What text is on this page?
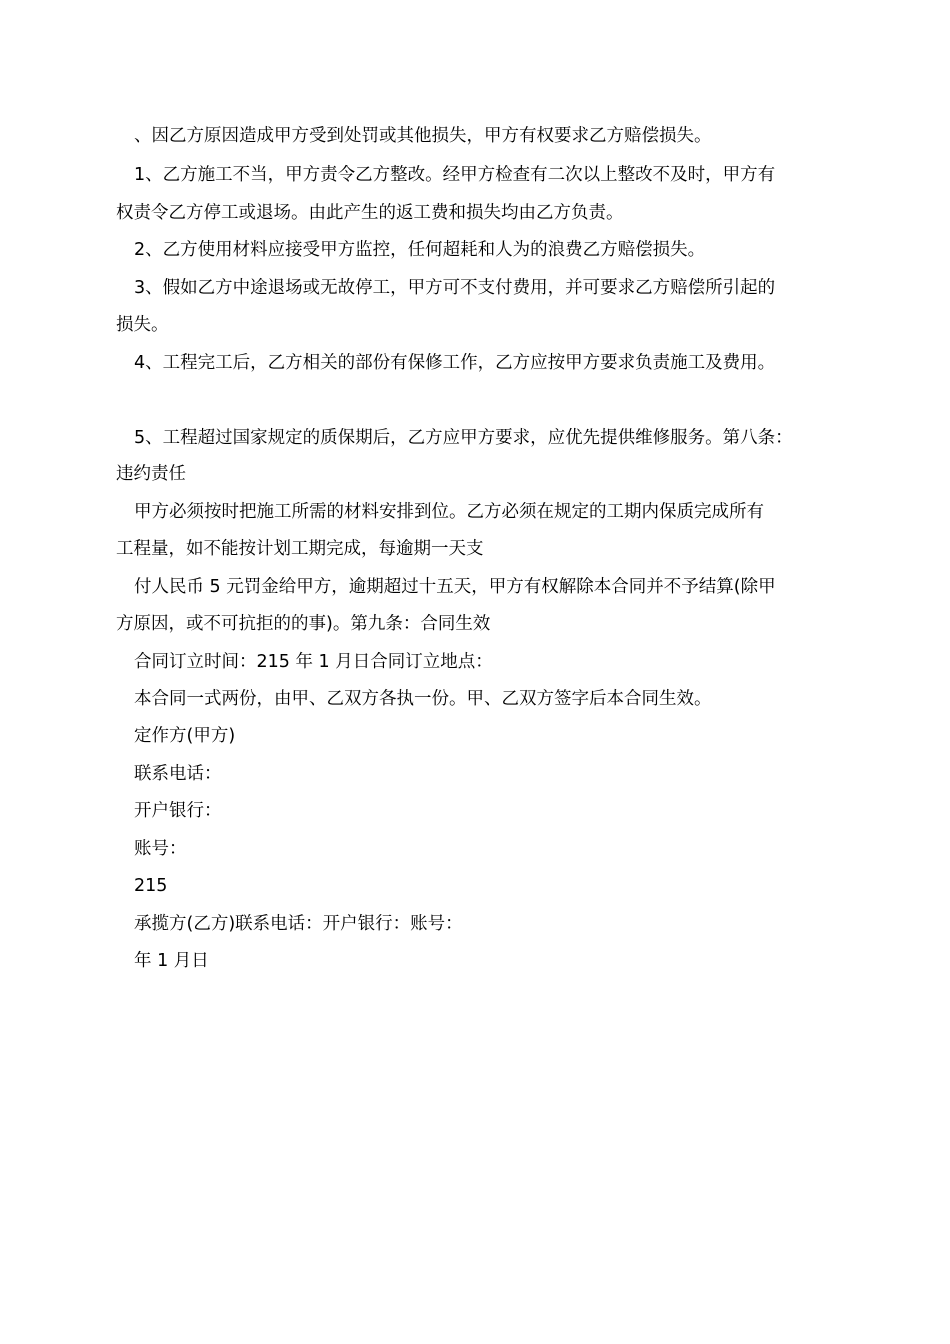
、因乙方原因造成甲方受到处罚或其他损失，甲方有权要求乙方赔偿损失。
1、乙方施工不当，甲方责令乙方整改。经甲方检查有二次以上整改不及时，甲方有
权责令乙方停工或退场。由此产生的返工费和损失均由乙方负责。
2、乙方使用材料应接受甲方监控，任何超耗和人为的浪费乙方赔偿损失。
3、假如乙方中途退场或无故停工，甲方可不支付费用，并可要求乙方赔偿所引起的
损失。
4、工程完工后，乙方相关的部份有保修工作，乙方应按甲方要求负责施工及费用。
5、工程超过国家规定的质保期后，乙方应甲方要求，应优先提供维修服务。第八条：
违约责任
甲方必须按时把施工所需的材料安排到位。乙方必须在规定的工期内保质完成所有
工程量，如不能按计划工期完成，每逾期一天支
付人民币 5 元罚金给甲方，逾期超过十五天，甲方有权解除本合同并不予结算(除甲
方原因，或不可抗拒的的事)。第九条：合同生效
合同订立时间：215 年 1 月日合同订立地点：
本合同一式两份，由甲、乙双方各执一份。甲、乙双方签字后本合同生效。
定作方(甲方)
联系电话：
开户银行：
账号：
215
承揽方(乙方)联系电话：开户银行：账号：
年 1 月日
